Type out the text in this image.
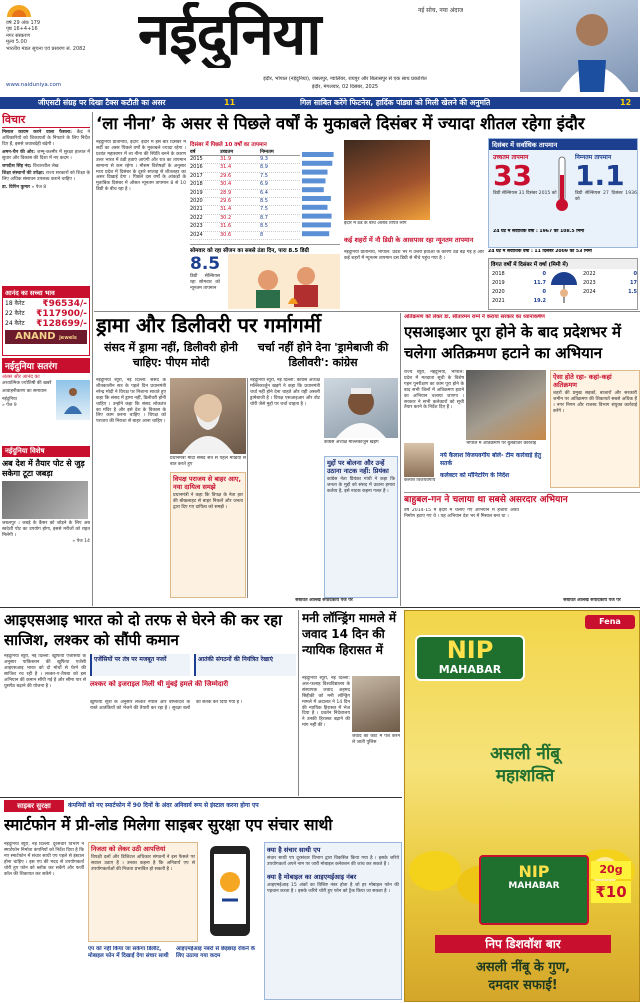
वर्ष 29 अंक 179
पृष्ठ 16+4+16
नगर संस्करण
मूल्य 5.00
भारतीय मंडल सूचना एवं प्रसारण सं. 2082
www.naiduniya.com
नईदुनिया	नई सोच, नया अंदाज
इंदौर, भोपाल (नईदुनिया), जबलपुर, ग्वालियर, रायपुर और बिलासपुर से एक साथ प्रकाशित
इंदौर, मंगलवार, 02 दिसंबर, 2025
जीएसटी संग्रह पर दिखा टैक्स कटौती का असर	11	गिल साबित करेंगे फिटनेस, हार्दिक पांड्या को मिली खेलने की अनुमति	12
विचार
मिसाल कायम करने वाला फैसला: केंद्र ने अधिकारियों को शिकायतों के निपटारे के लिए निर्देश दिए हैं, इससे जवाबदेही बढ़ेगी ।
अमन-चैन की ओर: जम्मू-कश्मीर में सुरक्षा हालात में सुधार और विकास की दिशा में नए कदम ।
जगदीश सिंह नंद: विचारशील लेख
शिक्षा संस्थानों की उपेक्षा: राज्य सरकारों को शिक्षा के लिए अधिक संसाधन उपलब्ध कराने चाहिए ।
डा. विपिन कुमार » पेज 8
आनंद का सच्चा भाव
18 कैरेट ₹96534/-
22 कैरेट ₹117900/-
24 कैरेट ₹128699/-
ANAND jewels
नईदुनिया सतरंग
अंतस और आनंद का
अध्यात्मिक ज्योतिषी की खबरें
आवाहनीकरण का समाधान
नईदुनिया
» पेज 9
नईदुनिया विशेष
अब देश में तैयार पोट से जुड़ सकेगा टूटा जबड़ा
जबलपुर । जबड़े के कैंसर को जोड़ने के लिए अब स्वदेशी पोट का उपयोग होगा, इससे मरीजों को राहत मिलेगी ।
» पेज 14
‘ला नीना’ के असर से पिछले वर्षों के मुकाबले दिसंबर में ज्यादा शीतल रहेगा इंदौर
नईदुनिया प्रतिनिधि, इंदौर: इंदौर में इस बार दिसंबर में सर्दी का असर पिछले वर्षों के मुकाबले ज्यादा रहेगा । प्रशांत महासागर में ला नीना की स्थिति बनने के कारण उत्तर भारत में ठंडी हवाएं आएंगी और रात का तापमान सामान्य से कम रहेगा । मौसम विशेषज्ञों के अनुसार मध्य प्रदेश में दिसंबर के दूसरे सप्ताह से शीतलहर का असर दिखाई देगा । पिछले दस वर्षों के आंकड़ों के मुताबिक दिसंबर में औसत न्यूनतम तापमान 8 से 10 डिग्री के बीच रहा है ।
दिसंबर में पिछले 10 वर्षों का तापमान
वर्ष	उच्चतम	निम्नतम
2015	31.9	9.3
2016	31.4	8.9
2017	29.6	7.5
2018	30.4	6.9
2019	28.9	6.4
2020	29.6	8.5
2021	31.4	7.5
2022	30.2	8.7
2023	31.6	8.5
2024	30.6	8
सोमवार को रहा सीजन का सबसे ठंडा दिन, पारा 8.5 डिग्री
8.5
डिग्री सेल्सियस रहा सोमवार को न्यूनतम तापमान
इंदौर में ठंड के बीच अलाव तापते लोग
कई शहरों में नौ डिग्री के आसपास रहा न्यूनतम तापमान
नईदुनिया प्रतिनिधि, भोपाल: प्रदेश भर में उत्तरी हवाओं के कारण ठंड बढ़ गई है और कई शहरों में न्यूनतम तापमान दस डिग्री से नीचे पहुंच गया है ।
दिसंबर में सर्वाधिक तापमान
उच्चतम तापमान
33
डिग्री सेल्सियस 31 दिसंबर 2015 को
निम्नतम तापमान
1.1
डिग्री सेल्सियस 27 दिसंबर 1936 को
24 घंटे में सर्वाधिक वर्षा : 1967 को 108.5 मिमी
24 घंटे में सर्वाधिक वर्षा : 11 दिसंबर 2009 को 53 मिमी
विगत वर्षों में दिसंबर में वर्षा (मिमी में)
2018	0
2019	11.7
2020	0
2021	19.2
2022	0
2023	17
2024	1.5
ड्रामा और डिलीवरी पर गर्मागर्मी
संसद में ड्रामा नहीं, डिलीवरी होनी चाहिए: पीएम मोदी
चर्चा नहीं होने देना 'ड्रामेबाजी की डिलीवरी': कांग्रेस
नईदुनिया ब्यूरो, नई दिल्ली: संसद के शीतकालीन सत्र के पहले दिन प्रधानमंत्री नरेन्द्र मोदी ने विपक्ष पर निशाना साधते हुए कहा कि संसद में ड्रामा नहीं, डिलीवरी होनी चाहिए । उन्होंने कहा कि संसद लोकतंत्र का मंदिर है और इसे देश के विकास के लिए काम करना चाहिए । विपक्ष को पराजय की निराशा से बाहर आना चाहिए ।
प्रधानमंत्री मोदी संसद सत्र से पहले मीडिया से बात करते हुए
विपक्ष पराजय से बाहर आए, नया दायित्व समझे
प्रधानमंत्री ने कहा कि विपक्ष के नेता हार की बौखलाहट से बाहर निकलें और जनता द्वारा दिए गए दायित्व को समझें ।
नईदुनिया ब्यूरो, नई दिल्ली: कांग्रेस अध्यक्ष मल्लिकार्जुन खड़गे ने कहा कि प्रधानमंत्री चर्चा नहीं होने देना चाहते और यही असली ड्रामेबाजी है । विपक्ष एसआइआर और वोट चोरी जैसे मुद्दों पर चर्चा चाहता है ।
कांग्रेस अध्यक्ष मल्लिकार्जुन खड़गे
मुद्दों पर बोलना और उन्हें उठाना नाटक नहीं: प्रियंका
कांग्रेस नेता प्रियंका गांधी ने कहा कि जनता के मुद्दों को संसद में उठाना हमारा कर्तव्य है, इसे नाटक कहना गलत है ।
संबंधित आलेख संपादकीय पेज पर
अतिक्रमण को लेकर डा. सीतारमन राम्ने ने कराया सरकार का ध्यानाकर्षण
एसआइआर पूरा होने के बाद प्रदेशभर में चलेगा अतिक्रमण हटाने का अभियान
राज्य ब्यूरो, नईदुनिया, भोपाल: प्रदेश में मतदाता सूची के विशेष गहन पुनरीक्षण का काम पूरा होने के बाद सभी जिलों में अतिक्रमण हटाने का अभियान चलाया जाएगा । सरकार ने सभी कलेक्टरों को सूची तैयार करने के निर्देश दिए हैं ।
भोपाल में अतिक्रमण पर बुलडोजर कार्रवाई
ऐसा होते रहा- कहां-कहां अतिक्रमण
शहरों की प्रमुख सड़कों, बाजारों और सरकारी जमीन पर अतिक्रमण की शिकायतें सबसे अधिक हैं । नगर निगम और राजस्व विभाग संयुक्त कार्रवाई करेंगे ।
कैलाश विजयवर्गीय
नये कैलाश विजयवर्गीय बोले- टीम कार्रवाई हेतु सतर्क
कलेक्टर को मॉनिटरिंग के निर्देश
बाहुबल-गन ने चलाया था सबसे असरदार अभियान
वर्ष 2014-15 में इंदौर में चलाए गए अभियान में हजारों अवैध निर्माण हटाए गए थे । यह अभियान देश भर में मिसाल बना था ।
संबंधित आलेख संपादकीय पेज पर
आइएसआइ भारत को दो तरफ से घेरने की कर रहा साजिश, लश्कर को सौंपी कमान
नईदुनिया ब्यूरो, नई दिल्ली: खुफिया एजेंसियों के अनुसार पाकिस्तान की खुफिया एजेंसी आइएसआइ भारत को दो मोर्चों से घेरने की साजिश रच रही है । लश्कर-ए-तैयबा को इस अभियान की कमान सौंपी गई है और सीमा पार से घुसपैठ बढ़ाने की योजना है ।
एजेंसियों पर तंत्र पर मजबूत नजरें	आतंकी संगठनों की नियंत्रित रेखाएं
लश्कर को इजराइल मिली थी मुंबई हमले की जिम्मेदारी
खुफिया सूत्रों के अनुसार लश्कर नेपाल और बांग्लादेश के रास्ते आतंकियों को भेजने की तैयारी कर रहा है । सुरक्षा बलों को सतर्क कर दिया गया है ।
मनी लॉन्ड्रिंग मामले में जवाद 14 दिन की न्यायिक हिरासत में
नईदुनिया ब्यूरो, नई दिल्ली: अल-फलाह विश्वविद्यालय के संस्थापक जवाद अहमद सिद्दीकी को मनी लॉन्ड्रिंग मामले में अदालत ने 14 दिन की न्यायिक हिरासत में भेज दिया है । प्रवर्तन निदेशालय ने उनकी हिरासत बढ़ाने की मांग नहीं की ।
जवाद को कोर्ट में पेश करने ले जाती पुलिस
NIP
MAHABAR
Fena
असली नींबू
महाशक्ति
NIP
MAHABAR
20g
₹10
निप डिशवॉश बार
असली नींबू के गुण,
दमदार सफाई!
साइबर सुरक्षा	कंपनियों को नए स्मार्टफोन में 90 दिनों के अंदर अनिवार्य रूप से इंस्टाल करना होगा एप
स्मार्टफोन में प्री-लोड मिलेगा साइबर सुरक्षा एप संचार साथी
नईदुनिया ब्यूरो, नई दिल्ली: दूरसंचार विभाग ने स्मार्टफोन निर्माता कंपनियों को निर्देश दिया है कि नए स्मार्टफोन में संचार साथी एप पहले से इंस्टाल होना चाहिए । इस एप की मदद से उपयोगकर्ता चोरी हुए फोन को ब्लॉक कर सकेंगे और फर्जी कॉल की शिकायत कर सकेंगे ।
निजता को लेकर उठी आपत्तियां
विपक्षी दलों और डिजिटल अधिकार संगठनों ने इस फैसले पर सवाल उठाए हैं । उनका कहना है कि अनिवार्य एप से उपयोगकर्ताओं की निजता प्रभावित हो सकती है ।
एप को नहीं किया जा सकेगा डिलीट, मोबाइल फोन में दिखाई देगा संचार साथी
आइएमईआइ नंबरों से छेड़छाड़ रोकने के लिए उठाया गया कदम
क्या है संचार साथी एप
संचार साथी एप दूरसंचार विभाग द्वारा विकसित किया गया है । इसके जरिये उपयोगकर्ता अपने नाम पर जारी मोबाइल कनेक्शन की जांच कर सकते हैं ।
क्या है मोबाइल का आइएमईआइ नंबर
आइएमईआइ 15 अंकों का विशिष्ट नंबर होता है जो हर मोबाइल फोन की पहचान करता है । इसके जरिये चोरी हुए फोन को ट्रैक किया जा सकता है ।
